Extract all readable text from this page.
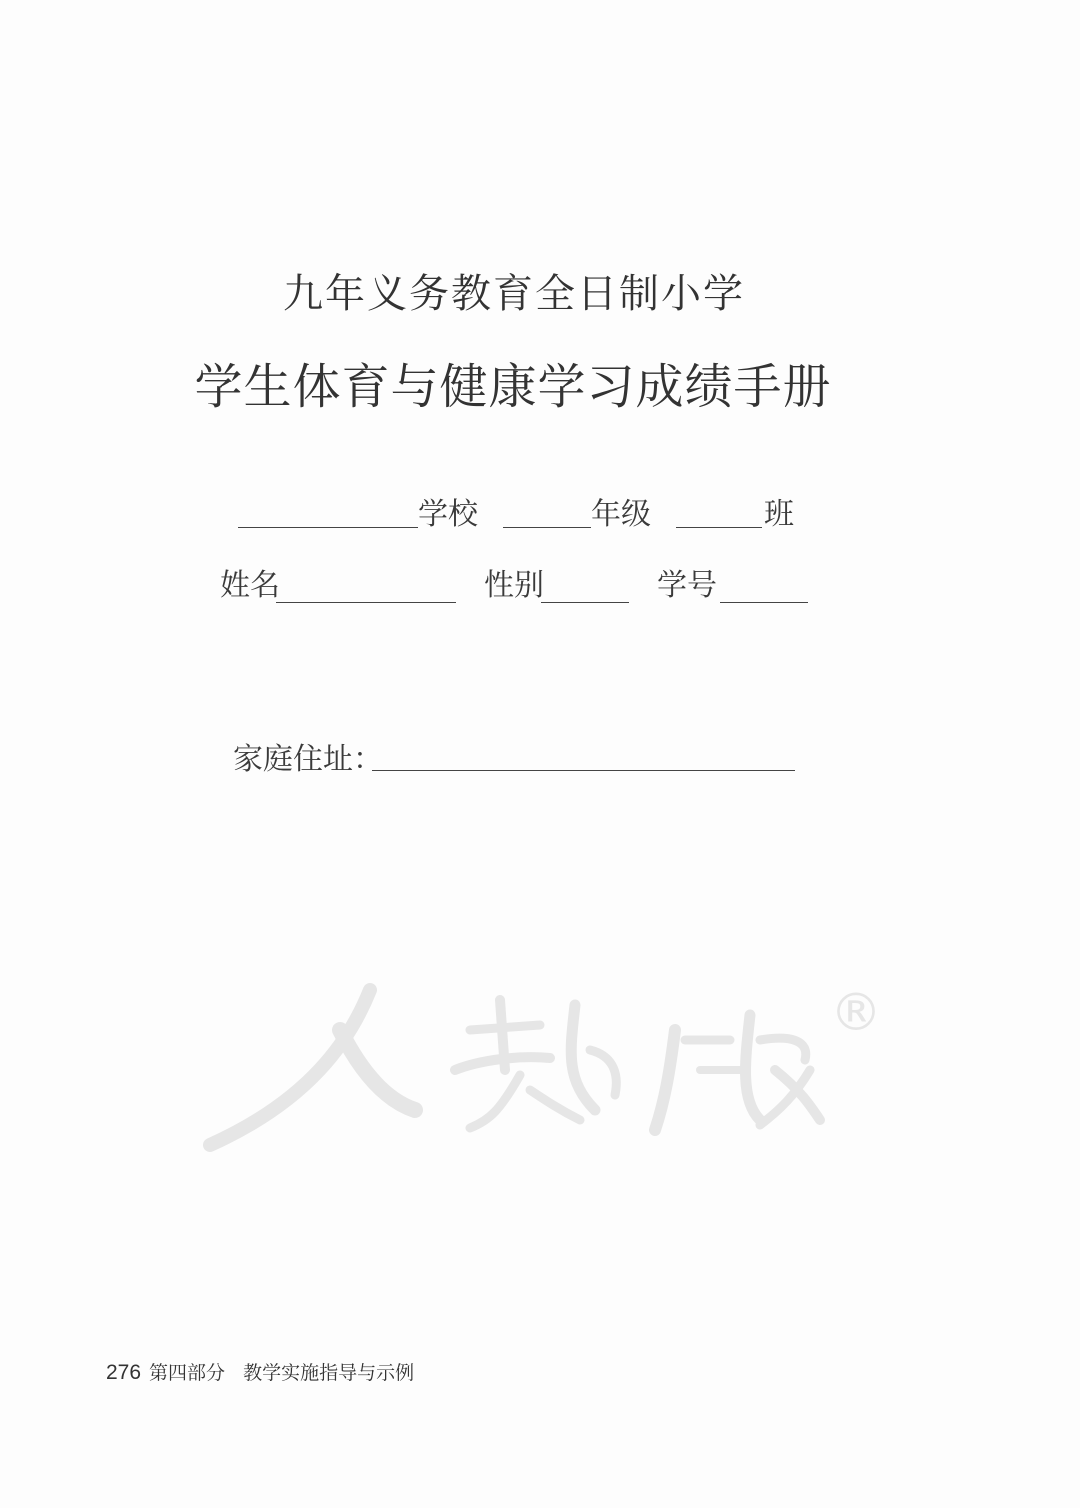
九年义务教育全日制小学
学生体育与健康学习成绩手册
学校	年级	班
姓名	性别	学号
家庭住址：
®
276 第四部分 教学实施指导与示例
